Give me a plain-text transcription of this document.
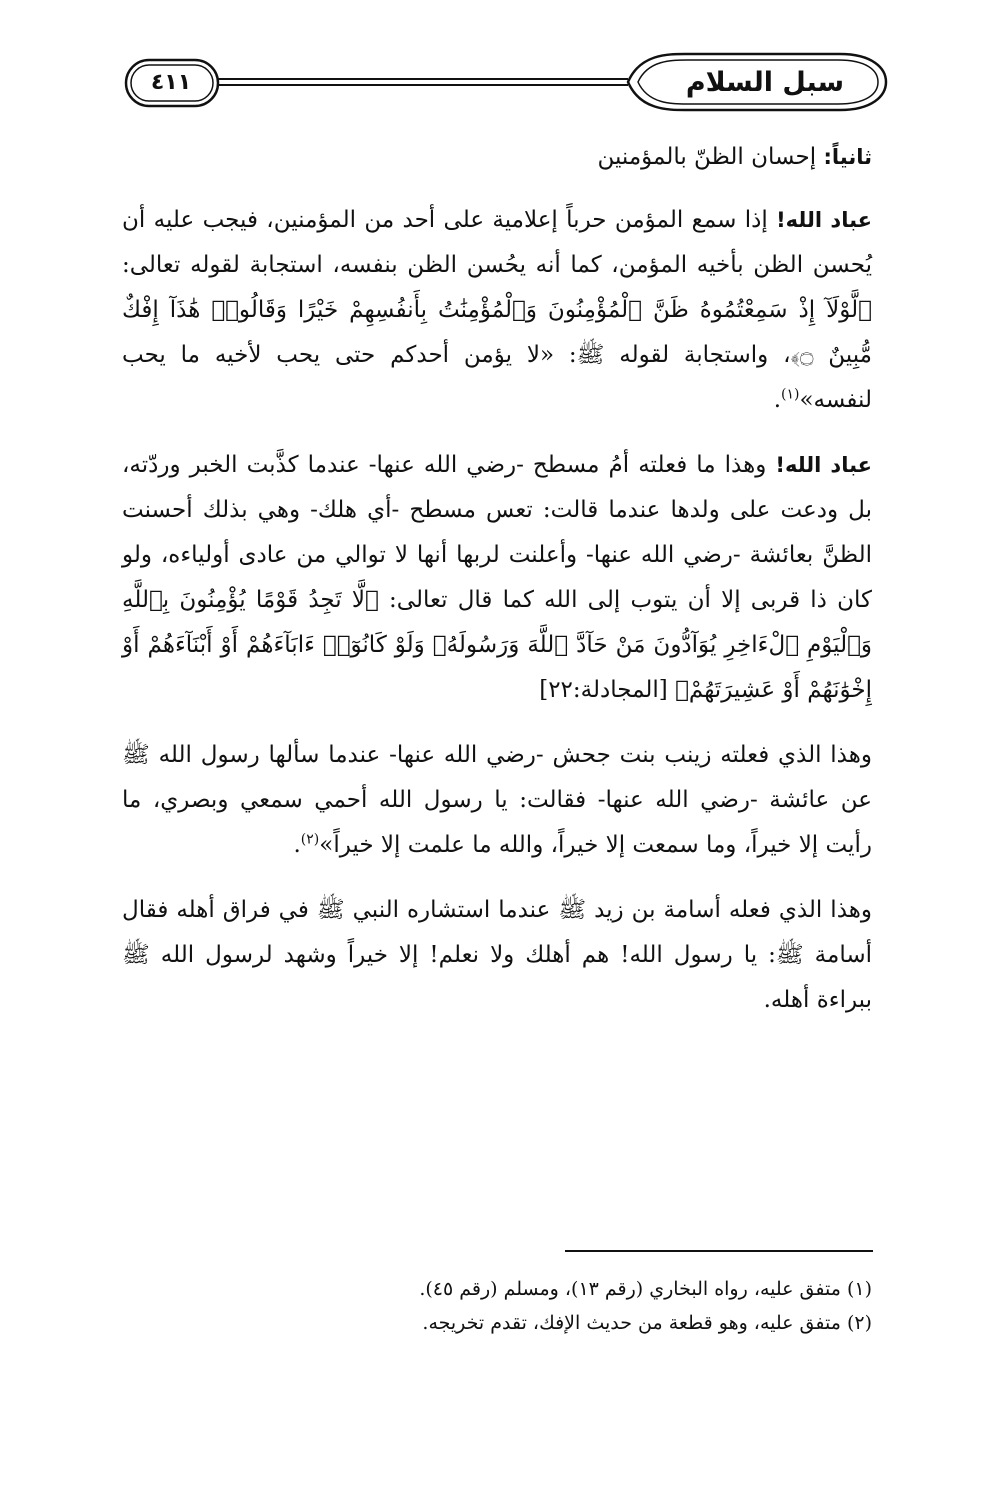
سبل السلام
٤١١
ثانياً: إحسان الظنّ بالمؤمنين

عباد الله! إذا سمع المؤمن حرباً إعلامية على أحد من المؤمنين، فيجب عليه أن يُحسن الظن بأخيه المؤمن، كما أنه يحُسن الظن بنفسه، استجابة لقوله تعالى: ﴿لَّوْلَآ إِذْ سَمِعْتُمُوهُ ظَنَّ ٱلْمُؤْمِنُونَ وَٱلْمُؤْمِنَٰتُ بِأَنفُسِهِمْ خَيْرًا وَقَالُوا۟ هَٰذَآ إِفْكٌ مُّبِينٌ ۝﴾، واستجابة لقوله ﷺ: «لا يؤمن أحدكم حتى يحب لأخيه ما يحب لنفسه»$^{(١)}$.

عباد الله! وهذا ما فعلته أمُ مسطح -رضي الله عنها- عندما كذَّبت الخبر وردّته، بل ودعت على ولدها عندما قالت: تعس مسطح -أي هلك- وهي بذلك أحسنت الظنَّ بعائشة -رضي الله عنها- وأعلنت لربها أنها لا توالي من عادى أولياءه، ولو كان ذا قربى إلا أن يتوب إلى الله كما قال تعالى: ﴿لَّا تَجِدُ قَوْمًا يُؤْمِنُونَ بِٱللَّهِ وَٱلْيَوْمِ ٱلْءَاخِرِ يُوَآدُّونَ مَنْ حَآدَّ ٱللَّهَ وَرَسُولَهُۥ وَلَوْ كَانُوٓا۟ ءَابَآءَهُمْ أَوْ أَبْنَآءَهُمْ أَوْ إِخْوَٰنَهُمْ أَوْ عَشِيرَتَهُمْ﴾ [المجادلة:٢٢]

وهذا الذي فعلته زينب بنت جحش -رضي الله عنها- عندما سألها رسول الله ﷺ عن عائشة -رضي الله عنها- فقالت: يا رسول الله أحمي سمعي وبصري، ما رأيت إلا خيراً، وما سمعت إلا خيراً، والله ما علمت إلا خيراً»$^{(٢)}$.

وهذا الذي فعله أسامة بن زيد ﷺ عندما استشاره النبي ﷺ في فراق أهله فقال أسامة ﷺ: يا رسول الله! هم أهلك ولا نعلم! إلا خيراً وشهد لرسول الله ﷺ ببراءة أهله.

(١) متفق عليه، رواه البخاري (رقم ١٣)، ومسلم (رقم ٤٥).
(٢) متفق عليه، وهو قطعة من حديث الإفك، تقدم تخريجه.
